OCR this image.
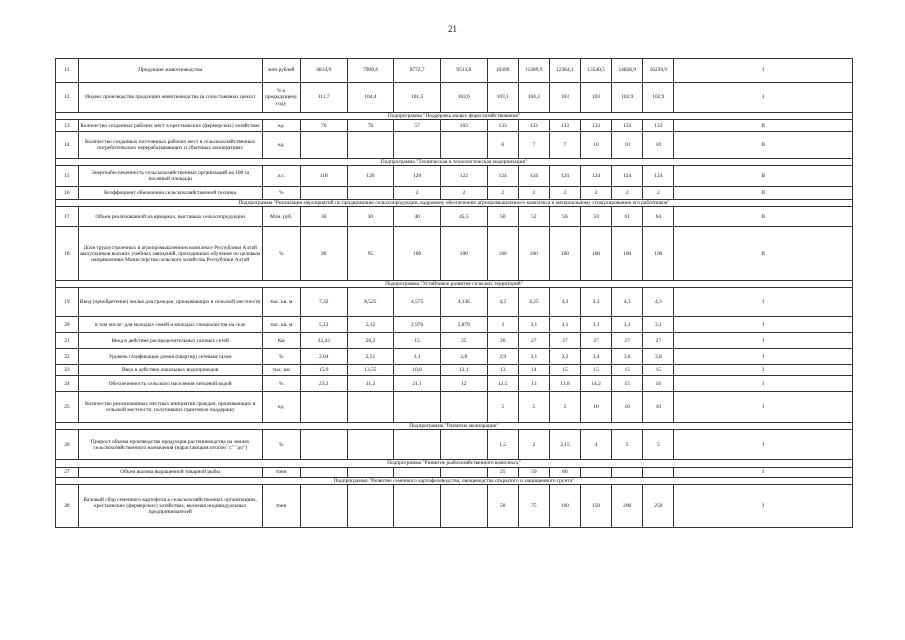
21
11	Продукция животноводства	млн рублей	6814,9	7900,4	8772,7	9513,8	10309	11289,9	12364,1	13540,5	14828,9	16239,9	I
12	Индекс производства продукции животноводства (в сопоставимых ценах)	% к предыдущему году	111,7	104,4	101,5	102,6	103,1	104,3	103	103	102,9	102,9	I
Подпрограмма "Поддержка малых форм хозяйствования"													
13	Количество созданных рабочих мест в крестьянских (фермерских) хозяйствах	ед.	70	78	57	103	133	133	133	133	133	133	II
14	Количество созданных постоянных рабочих мест в сельскохозяйственных потребительских перерабатывающих и сбытовых кооперативах	ед.					6	7	7	10	10	10	II
Подпрограмма "Техническая и технологическая модернизация"													
15	Энергообеспеченность сельскохозяйственных организаций на 100 га посевной площади	л.с.	118	120	120	122	124	124	124	124	124	124	II
16	Коэффициент обновления сельскохозяйственной техники	%			2	2	2	2	2	2	2	2	II
Подпрограмма "Реализация мероприятий по продвижению сельхозпродукции, кадровому обеспечению агропромышленного комплекса и материальному стимулированию его работников"													
17	Объем реализованной на ярмарках, выставках сельхозпродукции	Млн. руб.	30	30	40	45,5	50	52	56	59	61	64	II
18	Доля трудоустроенных в агропромышленном комплексе Республики Алтай выпускников высших учебных заведений, проходивших обучение по целевым направлениям Министерства сельского хозяйства Республики Алтай	%	90	95	100	100	100	100	100	100	100	100	II
Подпрограмма "Устойчивое развитие сельских территорий"													
19	Ввод (приобретение) жилья для граждан, проживающих в сельской местности	тыс. кв. м	7,32	8,525	4,575	4,136	4,2	4,25	4,3	4,3	4,3	4,3	I
20	в том числе: для молодых семей и молодых специалистов на селе	тыс. кв. м	5,12	5,12	2,976	2,879	3	3,1	3,1	3,1	3,1	3,1	I
21	Ввод в действие распределительных газовых сетей	Км	32,43	26,2	15	25	26	27	27	27	27	27	I
22	Уровень газификации домов (квартир) сетевым газом	%	2,04	2,51	3,1	2,8	2,9	3,1	3,2	3,4	3,6	3,8	I
23	Ввод в действие локальных водопроводов	тыс. км	15,9	13,55	10,8	12,1	13	14	15	15	15	15	I
24	Обеспеченность сельского населения питьевой водой	%	23,2	11,2	21,1	12	12,5	13	13,8	14,2	15	16	I
25	Количество реализованных местных инициатив граждан, проживающих в сельской местности, получивших грантовую поддержку	ед.					5	5	5	10	10	10	I
Подпрограмма "Развитие мелиорации"													
26	Прирост объема производства продукции растениеводства на землях сельскохозяйственного назначения (нарастающим итогом "с" "до")	%					1,5	2	2,15	4	5	5	I
Подпрограмма "Развитие рыбохозяйственного комплекса"													
27	Объем вылова выращенной товарной рыбы	тонн					25	50	80				I
Подпрограмма "Развитие семенного картофелеводства, овощеводства открытого и защищенного грунта"													
28	Валовый сбор семенного картофеля в сельскохозяйственных организациях, крестьянских (фермерских) хозяйствах, включая индивидуальных предпринимателей	тонн					50	75	100	150	200	250	I
